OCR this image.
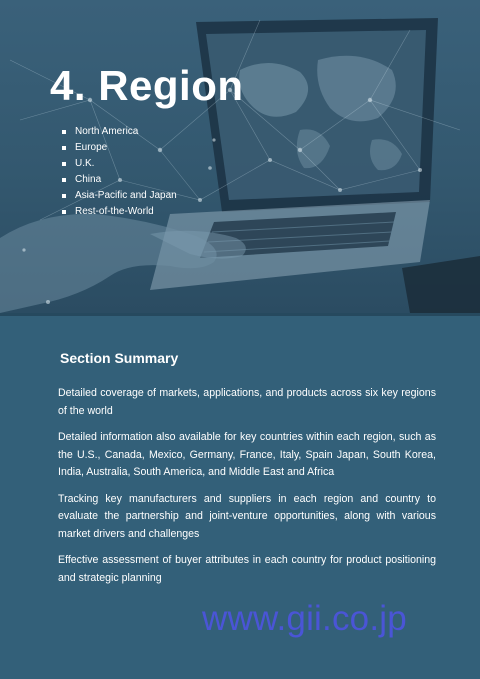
4. Region
North America
Europe
U.K.
China
Asia-Pacific and Japan
Rest-of-the-World
Section Summary

Detailed coverage of markets, applications, and products across six key regions of the world

Detailed information also available for key countries within each region, such as the U.S., Canada, Mexico, Germany, France, Italy, Spain Japan, South Korea, India, Australia, South America, and Middle East and Africa

Tracking key manufacturers and suppliers in each region and country to evaluate the partnership and joint-venture opportunities, along with various market drivers and challenges

Effective assessment of buyer attributes in each country for product positioning and strategic planning

www.gii.co.jp
